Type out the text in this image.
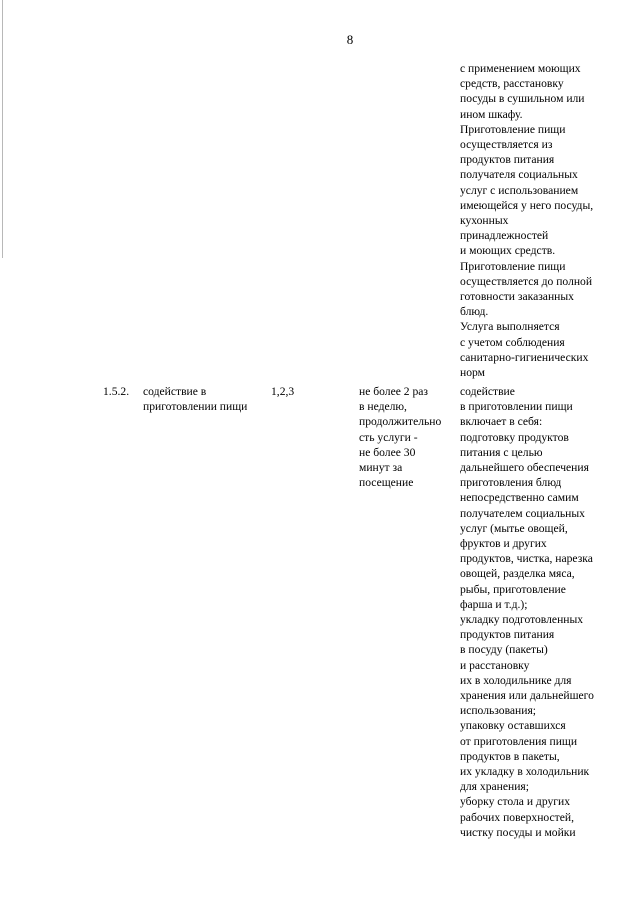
8
с применением моющих
средств, расстановку
посуды в сушильном или
ином шкафу.
Приготовление пищи
осуществляется из
продуктов питания
получателя социальных
услуг с использованием
имеющейся у него посуды,
кухонных
принадлежностей
и моющих средств.
Приготовление пищи
осуществляется до полной
готовности заказанных
блюд.
Услуга выполняется
с учетом соблюдения
санитарно-гигиенических
норм
1.5.2. содействие в
приготовлении пищи
1,2,3	не более 2 раз
в неделю,
продолжительно
сть услуги -
не более 30
минут за
посещение
содействие
в приготовлении пищи
включает в себя:
подготовку продуктов
питания с целью
дальнейшего обеспечения
приготовления блюд
непосредственно самим
получателем социальных
услуг (мытье овощей,
фруктов и других
продуктов, чистка, нарезка
овощей, разделка мяса,
рыбы, приготовление
фарша и т.д.);
укладку подготовленных
продуктов питания
в посуду (пакеты)
и расстановку
их в холодильнике для
хранения или дальнейшего
использования;
упаковку оставшихся
от приготовления пищи
продуктов в пакеты,
их укладку в холодильник
для хранения;
уборку стола и других
рабочих поверхностей,
чистку посуды и мойки
